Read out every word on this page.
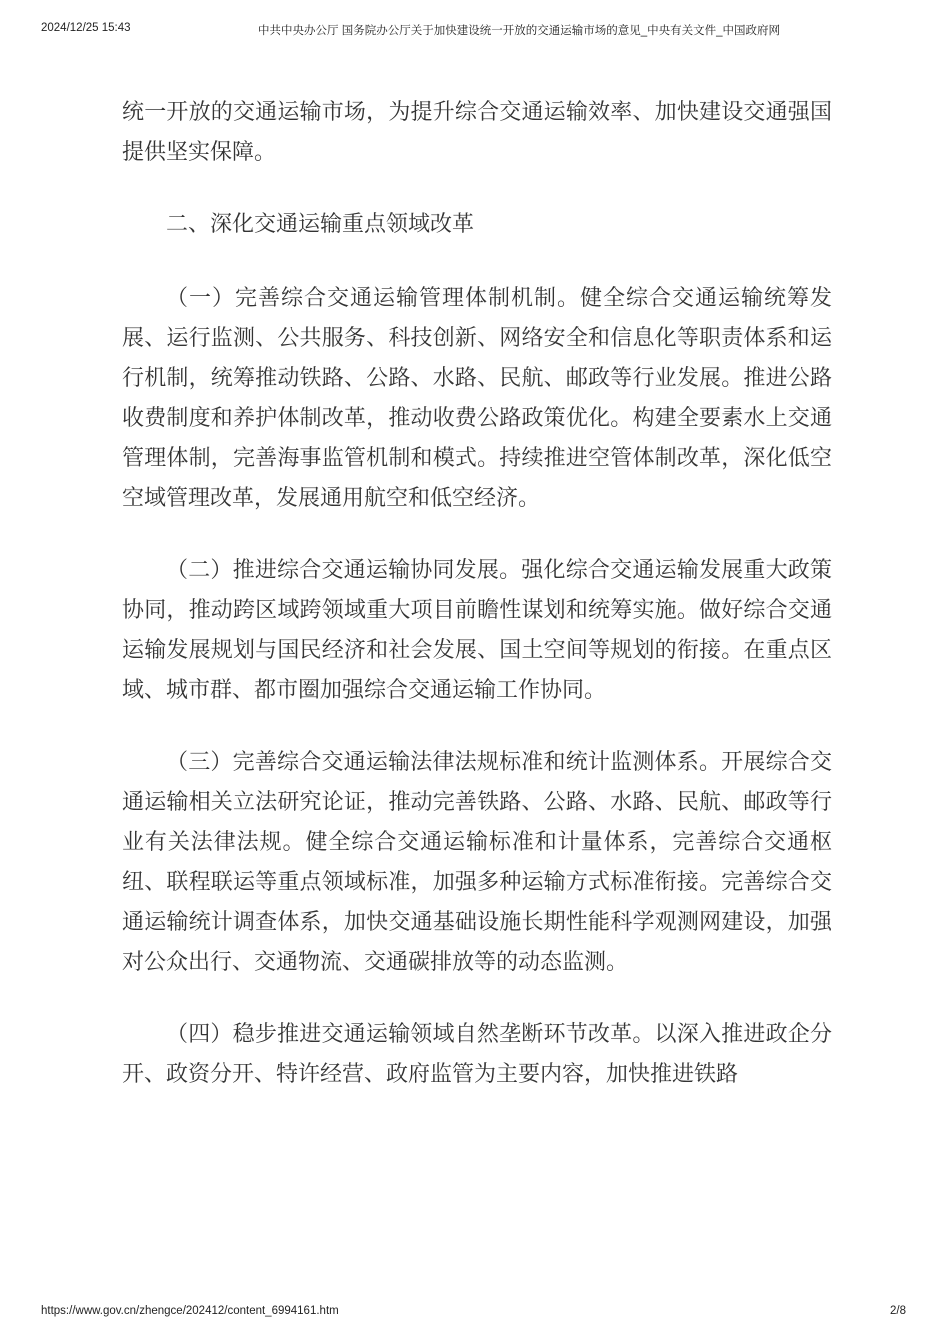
2024/12/25 15:43	中共中央办公厅 国务院办公厅关于加快建设统一开放的交通运输市场的意见_中央有关文件_中国政府网

统一开放的交通运输市场，为提升综合交通运输效率、加快建设交通强国提供坚实保障。

二、深化交通运输重点领域改革

（一）完善综合交通运输管理体制机制。健全综合交通运输统筹发展、运行监测、公共服务、科技创新、网络安全和信息化等职责体系和运行机制，统筹推动铁路、公路、水路、民航、邮政等行业发展。推进公路收费制度和养护体制改革，推动收费公路政策优化。构建全要素水上交通管理体制，完善海事监管机制和模式。持续推进空管体制改革，深化低空空域管理改革，发展通用航空和低空经济。

（二）推进综合交通运输协同发展。强化综合交通运输发展重大政策协同，推动跨区域跨领域重大项目前瞻性谋划和统筹实施。做好综合交通运输发展规划与国民经济和社会发展、国土空间等规划的衔接。在重点区域、城市群、都市圈加强综合交通运输工作协同。

（三）完善综合交通运输法律法规标准和统计监测体系。开展综合交通运输相关立法研究论证，推动完善铁路、公路、水路、民航、邮政等行业有关法律法规。健全综合交通运输标准和计量体系，完善综合交通枢纽、联程联运等重点领域标准，加强多种运输方式标准衔接。完善综合交通运输统计调查体系，加快交通基础设施长期性能科学观测网建设，加强对公众出行、交通物流、交通碳排放等的动态监测。

（四）稳步推进交通运输领域自然垄断环节改革。以深入推进政企分开、政资分开、特许经营、政府监管为主要内容，加快推进铁路

https://www.gov.cn/zhengce/202412/content_6994161.htm	2/8
